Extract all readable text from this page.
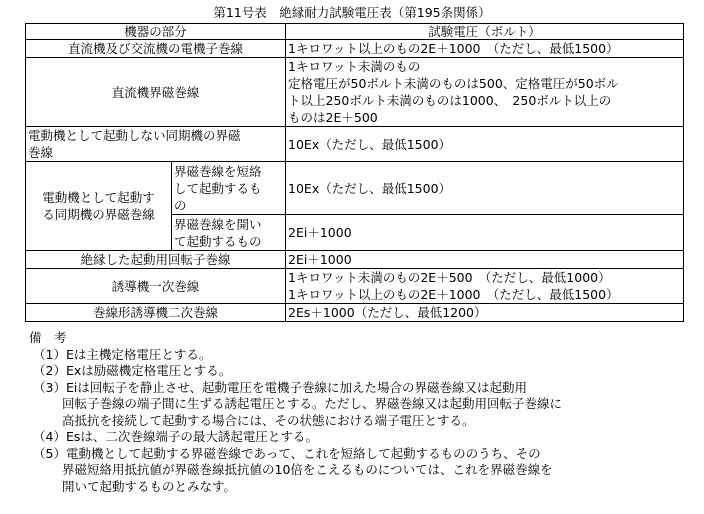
第11号表　絶縁耐力試験電圧表（第195条関係）
機器の部分		試験電圧（ボルト）
直流機及び交流機の電機子巻線		1キロワット以上のもの2E＋1000　（ただし、最低1500）
直流機界磁巻線		1キロワット未満のもの
定格電圧が50ボルト未満のものは500、定格電圧が50ボル
ト以上250ボルト未満のものは1000、　250ボルト以上の
ものは2E＋500

電動機として起動しない同期機の界磁
巻線		10Ex（ただし、最低1500）

電動機として起動す
る同期機の界磁巻線	界磁巻線を短絡
して起動するも
の	10Ex（ただし、最低1500）

	界磁巻線を開い
て起動するもの	2Ei＋1000
絶縁した起動用回転子巻線		2Ei＋1000
誘導機一次巻線		1キロワット未満のもの2E＋500　（ただし、最低1000）
1キロワット以上のもの2E＋1000　（ただし、最低1500）

巻線形誘導機二次巻線		2Es＋1000（ただし、最低1200）
備　考
（1）Eは主機定格電圧とする。
（2）Exは励磁機定格電圧とする。
（3）Eiは回転子を静止させ、起動電圧を電機子巻線に加えた場合の界磁巻線又は起動用
回転子巻線の端子間に生ずる誘起電圧とする。ただし、界磁巻線又は起動用回転子巻線に
高抵抗を接続して起動する場合には、その状態における端子電圧とする。
（4）Esは、二次巻線端子の最大誘起電圧とする。
（5）電動機として起動する界磁巻線であって、これを短絡して起動するもののうち、その
界磁短絡用抵抗値が界磁巻線抵抗値の10倍をこえるものについては、これを界磁巻線を
開いて起動するものとみなす。
